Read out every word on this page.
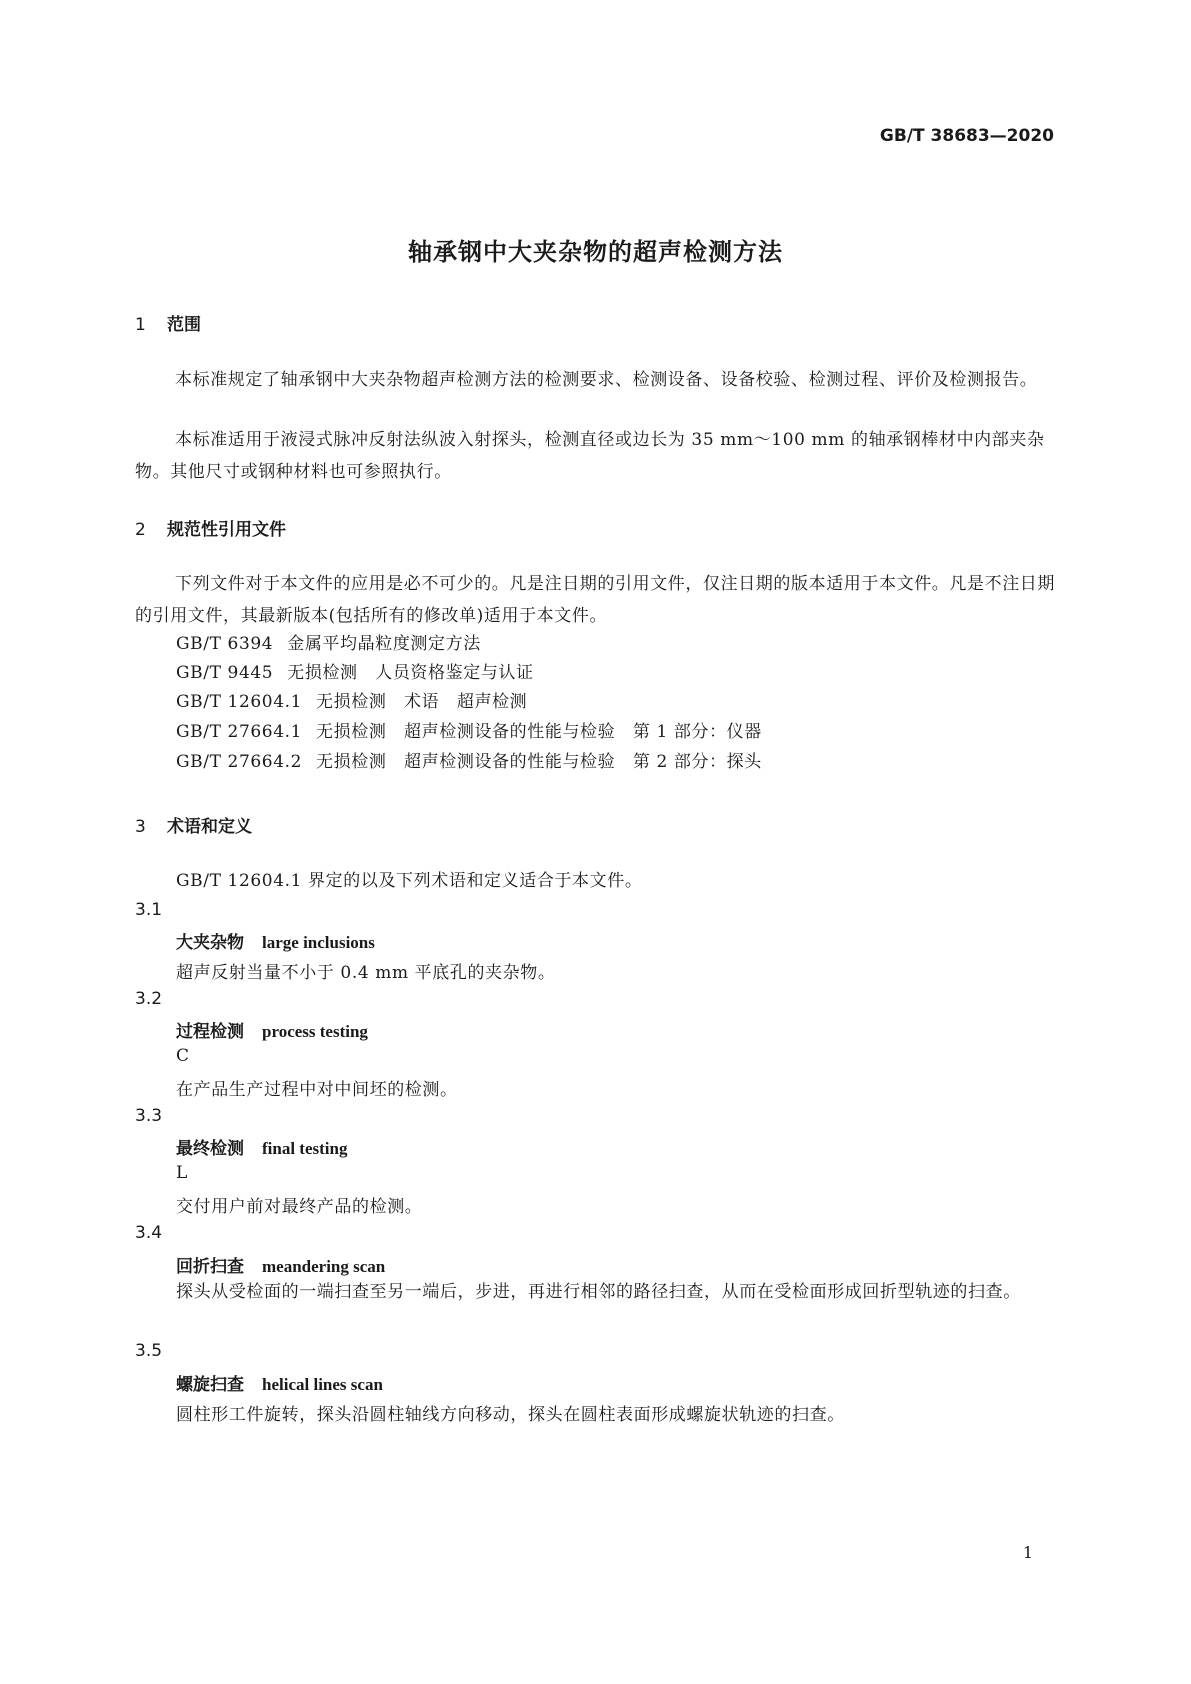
GB/T 38683—2020
轴承钢中大夹杂物的超声检测方法
1 范围
本标准规定了轴承钢中大夹杂物超声检测方法的检测要求、检测设备、设备校验、检测过程、评价及检测报告。
本标准适用于液浸式脉冲反射法纵波入射探头，检测直径或边长为 35 mm～100 mm 的轴承钢棒材中内部夹杂物。其他尺寸或钢种材料也可参照执行。
2 规范性引用文件
下列文件对于本文件的应用是必不可少的。凡是注日期的引用文件，仅注日期的版本适用于本文件。凡是不注日期的引用文件，其最新版本(包括所有的修改单)适用于本文件。
GB/T 6394 金属平均晶粒度测定方法
GB/T 9445 无损检测　人员资格鉴定与认证
GB/T 12604.1 无损检测　术语　超声检测
GB/T 27664.1 无损检测　超声检测设备的性能与检验　第 1 部分：仪器
GB/T 27664.2 无损检测　超声检测设备的性能与检验　第 2 部分：探头
3 术语和定义
GB/T 12604.1 界定的以及下列术语和定义适合于本文件。
3.1
大夹杂物 large inclusions
超声反射当量不小于 0.4 mm 平底孔的夹杂物。
3.2
过程检测 process testing
C
在产品生产过程中对中间坯的检测。
3.3
最终检测 final testing
L
交付用户前对最终产品的检测。
3.4
回折扫查 meandering scan
探头从受检面的一端扫查至另一端后，步进，再进行相邻的路径扫查，从而在受检面形成回折型轨迹的扫查。
3.5
螺旋扫查 helical lines scan
圆柱形工件旋转，探头沿圆柱轴线方向移动，探头在圆柱表面形成螺旋状轨迹的扫查。
1
